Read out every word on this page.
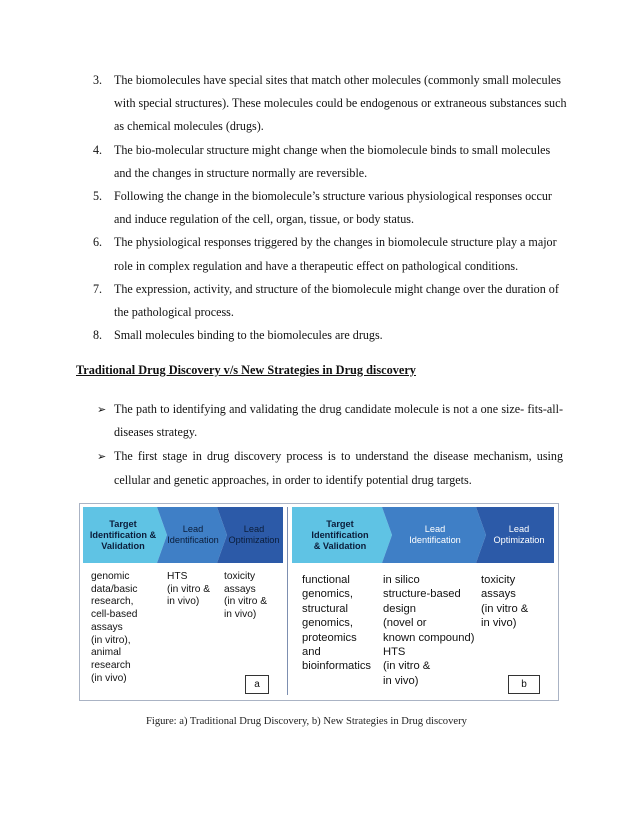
3. The biomolecules have special sites that match other molecules (commonly small molecules with special structures). These molecules could be endogenous or extraneous substances such as chemical molecules (drugs).
4. The bio-molecular structure might change when the biomolecule binds to small molecules and the changes in structure normally are reversible.
5. Following the change in the biomolecule’s structure various physiological responses occur and induce regulation of the cell, organ, tissue, or body status.
6. The physiological responses triggered by the changes in biomolecule structure play a major role in complex regulation and have a therapeutic effect on pathological conditions.
7. The expression, activity, and structure of the biomolecule might change over the duration of the pathological process.
8. Small molecules binding to the biomolecules are drugs.
Traditional Drug Discovery v/s New Strategies in Drug discovery
➢ The path to identifying and validating the drug candidate molecule is not a one size- fits-all-diseases strategy.
➢ The first stage in drug discovery process is to understand the disease mechanism, using cellular and genetic approaches, in order to identify potential drug targets.
Target Identification & Validation
Lead
Identification
Lead Optimization
genomic
data/basic
research,
cell-based
assays
(in vitro),
animal
research
(in vivo)
HTS
(in vitro &
in vivo)
toxicity
assays
(in vitro &
in vivo)
a
Target
Identification
& Validation
Lead
Identification
Lead
Optimization
functional
genomics,
structural
genomics,
proteomics
and
bioinformatics
in silico
structure-based
design
(novel or
known compound)
HTS
(in vitro &
in vivo)
toxicity
assays
(in vitro &
in vivo)
b
Figure: a) Traditional Drug Discovery, b) New Strategies in Drug discovery
